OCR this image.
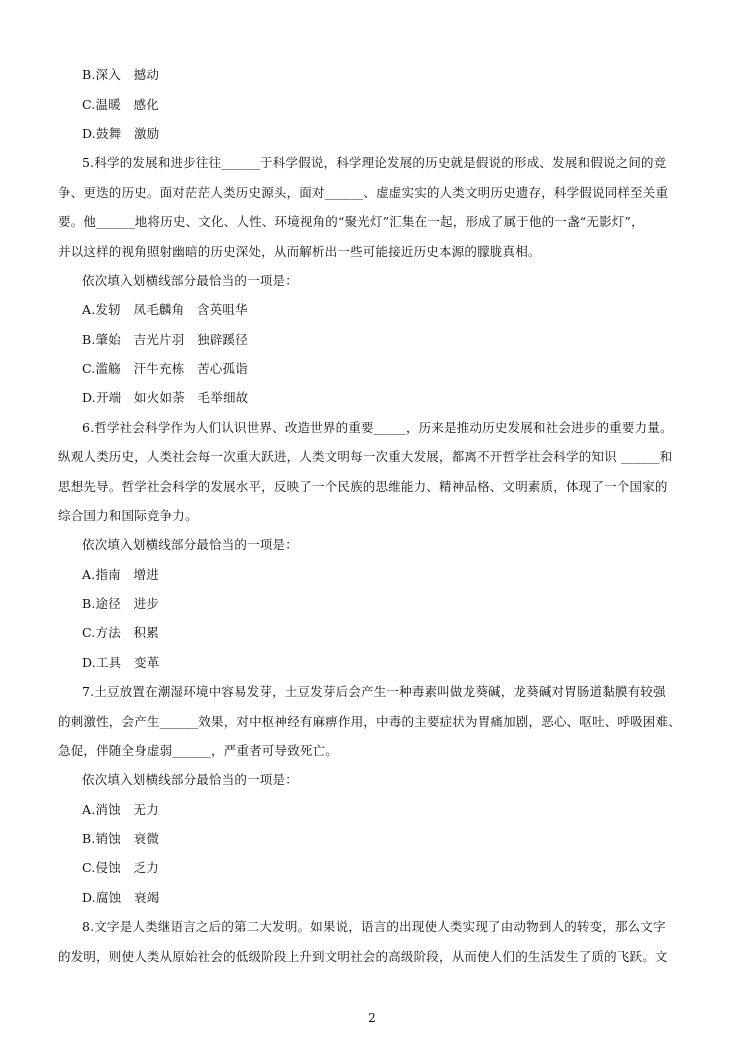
B.深入　撼动
C.温暖　感化
D.鼓舞　激励
5.科学的发展和进步往往______于科学假说，科学理论发展的历史就是假说的形成、发展和假说之间的竞
争、更迭的历史。面对茫茫人类历史源头，面对______、虚虚实实的人类文明历史遗存，科学假说同样至关重
要。他______地将历史、文化、人性、环境视角的“聚光灯”汇集在一起，形成了属于他的一盏“无影灯”，
并以这样的视角照射幽暗的历史深处，从而解析出一些可能接近历史本源的朦胧真相。
依次填入划横线部分最恰当的一项是：
A.发轫　凤毛麟角　含英咀华
B.肇始　吉光片羽　独辟蹊径
C.滥觞　汗牛充栋　苦心孤诣
D.开端　如火如荼　毛举细故
6.哲学社会科学作为人们认识世界、改造世界的重要_____，历来是推动历史发展和社会进步的重要力量。
纵观人类历史，人类社会每一次重大跃进，人类文明每一次重大发展，都离不开哲学社会科学的知识 ______和
思想先导。哲学社会科学的发展水平，反映了一个民族的思维能力、精神品格、文明素质，体现了一个国家的
综合国力和国际竞争力。
依次填入划横线部分最恰当的一项是：
A.指南　增进
B.途径　进步
C.方法　积累
D.工具　变革
7.土豆放置在潮湿环境中容易发芽，土豆发芽后会产生一种毒素叫做龙葵碱，龙葵碱对胃肠道黏膜有较强
的刺激性，会产生______效果，对中枢神经有麻痹作用，中毒的主要症状为胃痛加剧，恶心、呕吐、呼吸困难、
急促，伴随全身虚弱______，严重者可导致死亡。
依次填入划横线部分最恰当的一项是：
A.消蚀　无力
B.销蚀　衰微
C.侵蚀　乏力
D.腐蚀　衰竭
8.文字是人类继语言之后的第二大发明。如果说，语言的出现使人类实现了由动物到人的转变，那么文字
的发明，则使人类从原始社会的低级阶段上升到文明社会的高级阶段，从而使人们的生活发生了质的飞跃。文
2
